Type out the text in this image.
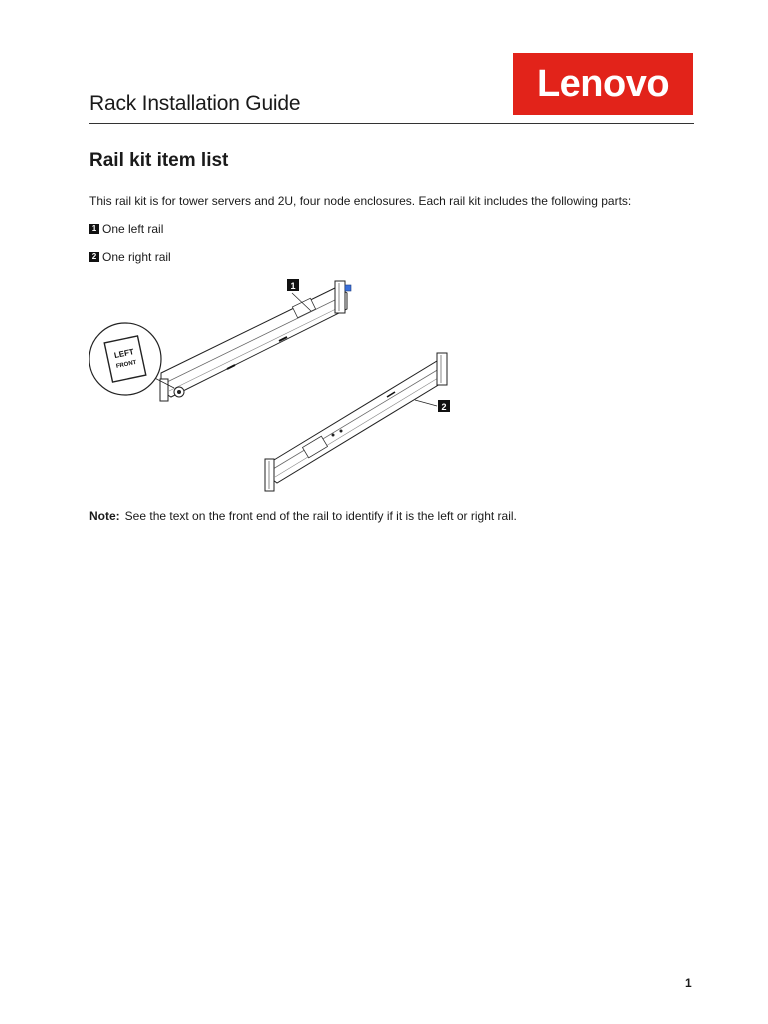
Rack Installation Guide	Lenovo
Rail kit item list

This rail kit is for tower servers and 2U, four node enclosures. Each rail kit includes the following parts:

1 One left rail
2 One right rail
LEFT
FRONT
1
2

Note: See the text on the front end of the rail to identify if it is the left or right rail.

1
